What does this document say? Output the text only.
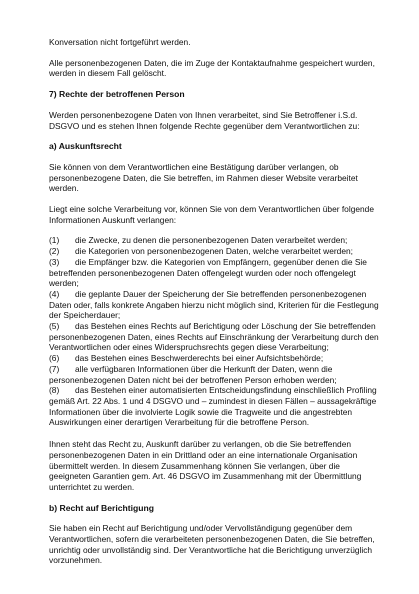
Konversation nicht fortgeführt werden.

Alle personenbezogenen Daten, die im Zuge der Kontaktaufnahme gespeichert wurden, werden in diesem Fall gelöscht.

7) Rechte der betroffenen Person

Werden personenbezogene Daten von Ihnen verarbeitet, sind Sie Betroffener i.S.d. DSGVO und es stehen Ihnen folgende Rechte gegenüber dem Verantwortlichen zu:

a) Auskunftsrecht

Sie können von dem Verantwortlichen eine Bestätigung darüber verlangen, ob personenbezogene Daten, die Sie betreffen, im Rahmen dieser Website verarbeitet werden.

Liegt eine solche Verarbeitung vor, können Sie von dem Verantwortlichen über folgende Informationen Auskunft verlangen:

(1) die Zwecke, zu denen die personenbezogenen Daten verarbeitet werden;
(2) die Kategorien von personenbezogenen Daten, welche verarbeitet werden;
(3) die Empfänger bzw. die Kategorien von Empfängern, gegenüber denen die Sie betreffenden personenbezogenen Daten offengelegt wurden oder noch offengelegt werden;
(4) die geplante Dauer der Speicherung der Sie betreffenden personenbezogenen Daten oder, falls konkrete Angaben hierzu nicht möglich sind, Kriterien für die Festlegung der Speicherdauer;
(5) das Bestehen eines Rechts auf Berichtigung oder Löschung der Sie betreffenden personenbezogenen Daten, eines Rechts auf Einschränkung der Verarbeitung durch den Verantwortlichen oder eines Widerspruchsrechts gegen diese Verarbeitung;
(6) das Bestehen eines Beschwerderechts bei einer Aufsichtsbehörde;
(7) alle verfügbaren Informationen über die Herkunft der Daten, wenn die personenbezogenen Daten nicht bei der betroffenen Person erhoben werden;
(8) das Bestehen einer automatisierten Entscheidungsfindung einschließlich Profiling gemäß Art. 22 Abs. 1 und 4 DSGVO und – zumindest in diesen Fällen – aussagekräftige Informationen über die involvierte Logik sowie die Tragweite und die angestrebten Auswirkungen einer derartigen Verarbeitung für die betroffene Person.

Ihnen steht das Recht zu, Auskunft darüber zu verlangen, ob die Sie betreffenden personenbezogenen Daten in ein Drittland oder an eine internationale Organisation übermittelt werden. In diesem Zusammenhang können Sie verlangen, über die geeigneten Garantien gem. Art. 46 DSGVO im Zusammenhang mit der Übermittlung unterrichtet zu werden.

b) Recht auf Berichtigung

Sie haben ein Recht auf Berichtigung und/oder Vervollständigung gegenüber dem Verantwortlichen, sofern die verarbeiteten personenbezogenen Daten, die Sie betreffen, unrichtig oder unvollständig sind. Der Verantwortliche hat die Berichtigung unverzüglich vorzunehmen.
